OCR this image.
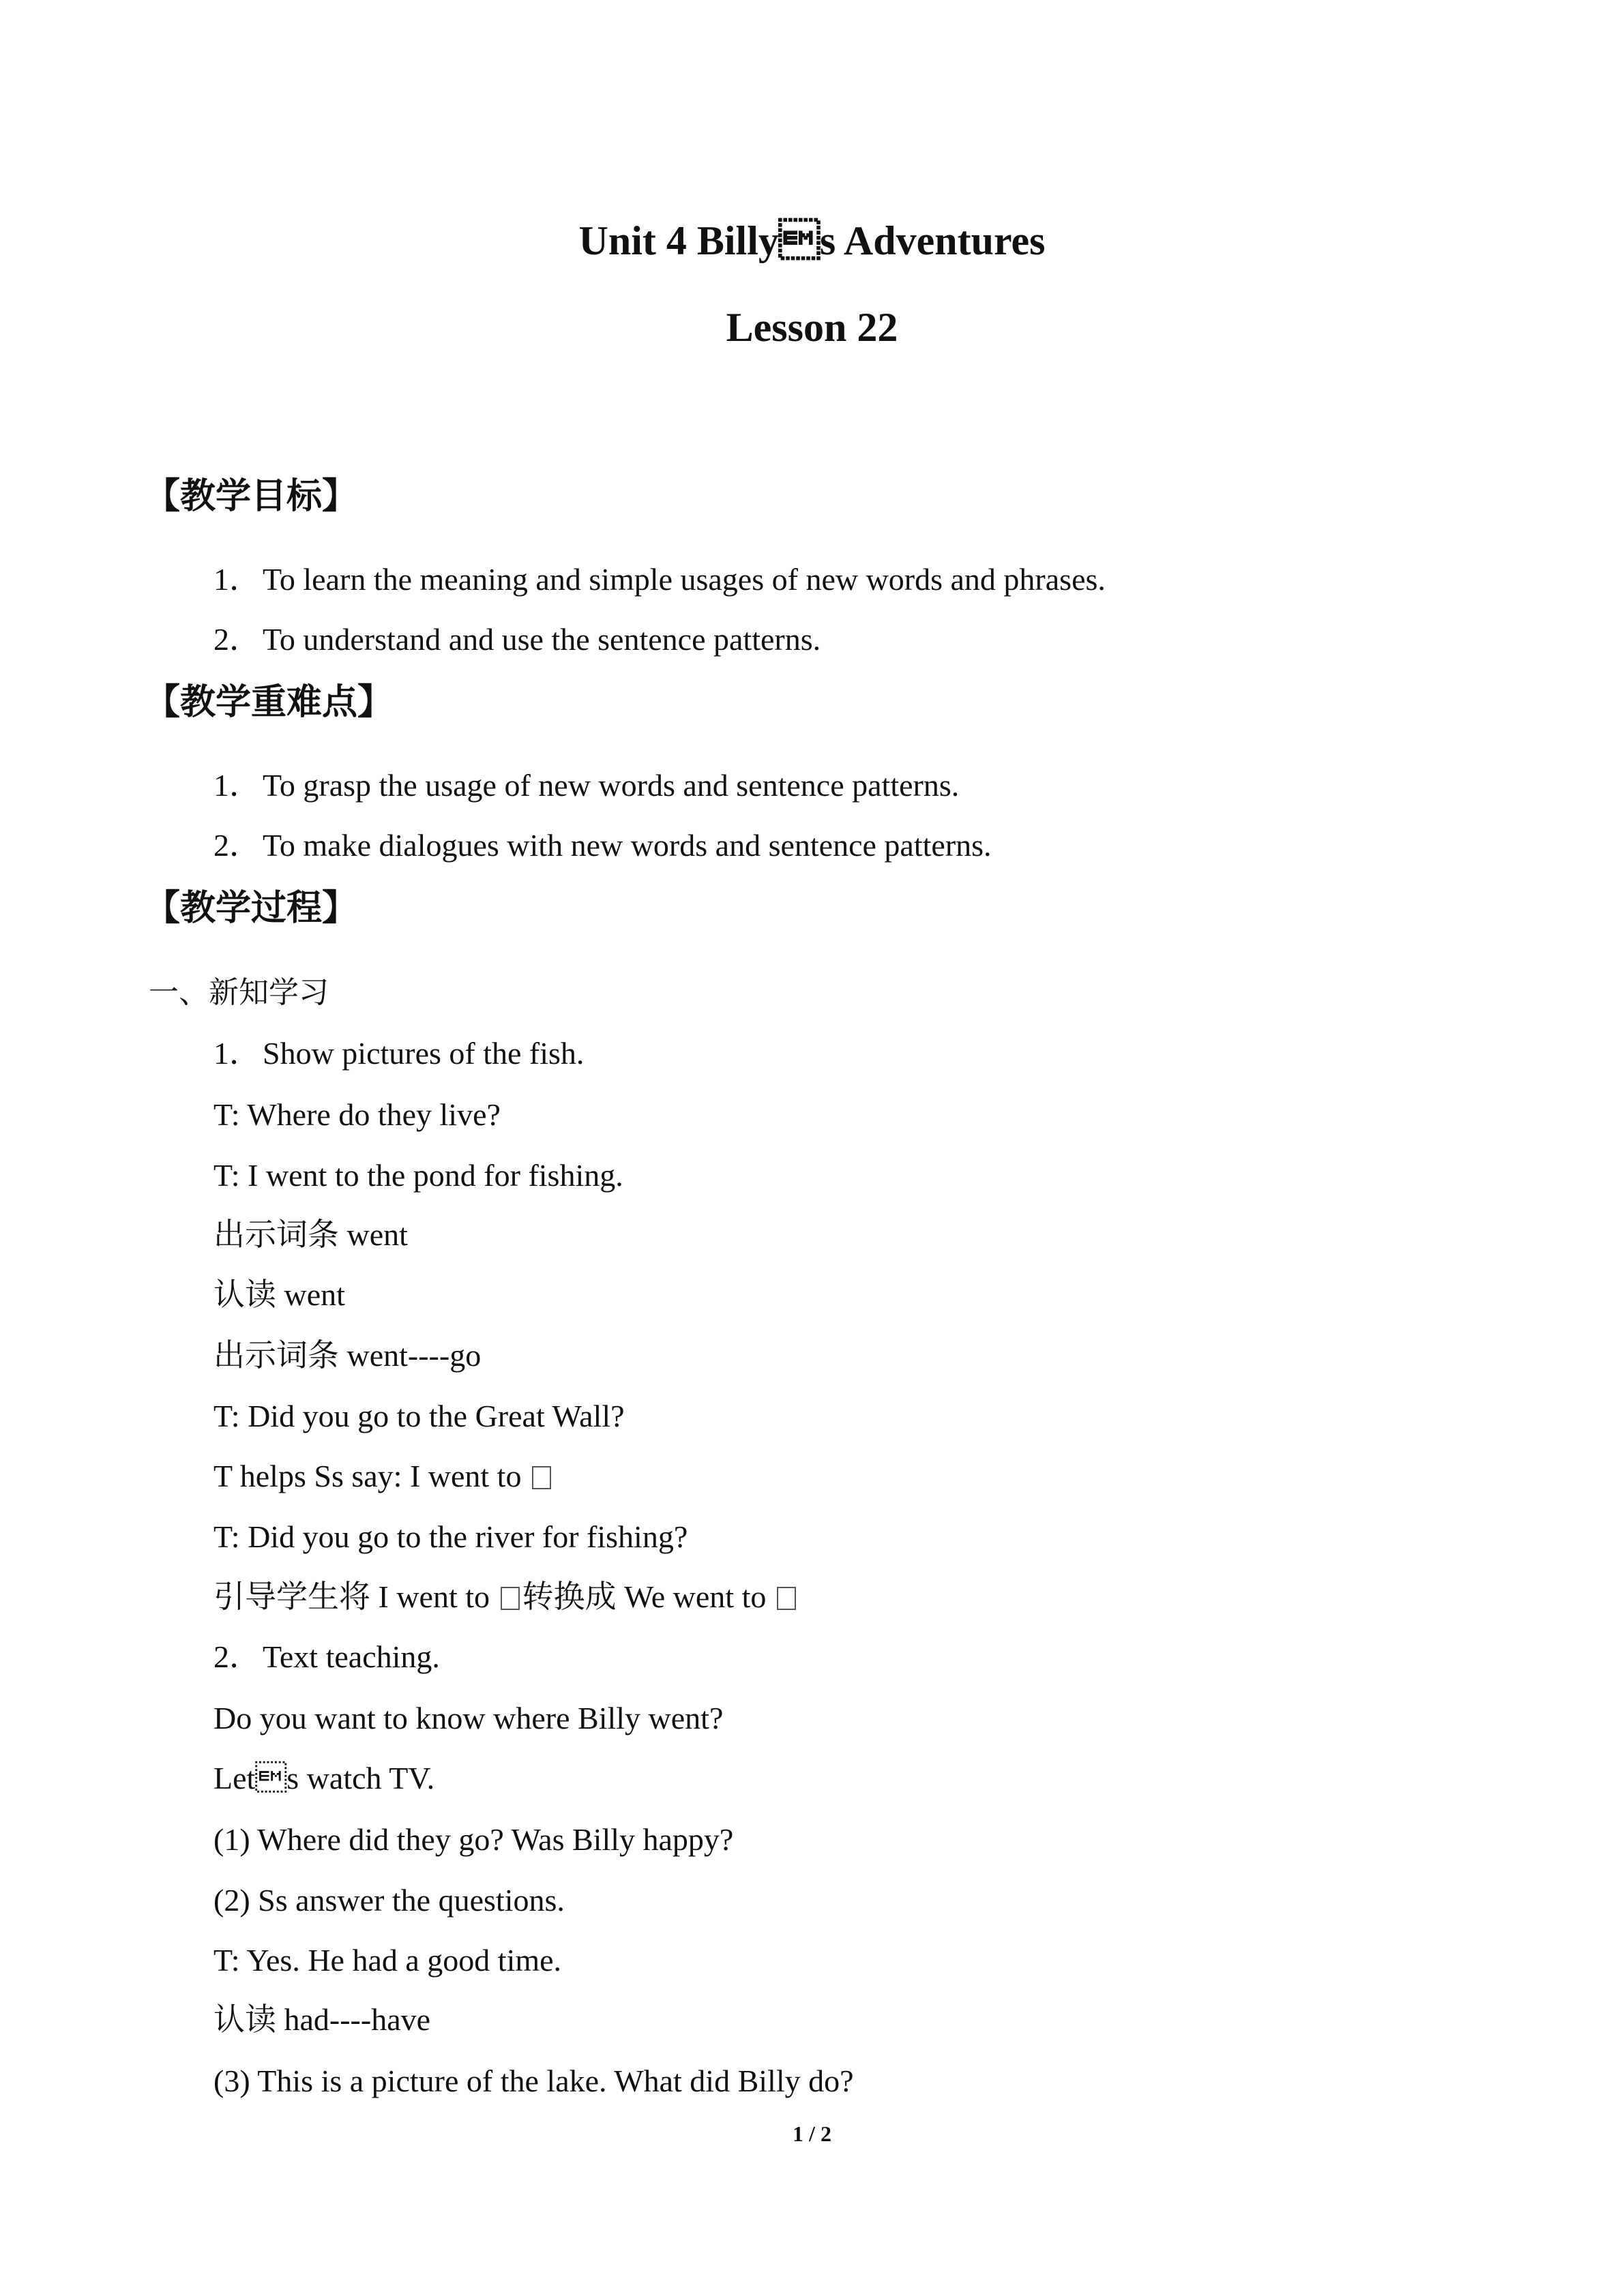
Unit 4 Billys Adventures
Lesson 22
【教学目标】
1．To learn the meaning and simple usages of new words and phrases.
2．To understand and use the sentence patterns.
【教学重难点】
1．To grasp the usage of new words and sentence patterns.
2．To make dialogues with new words and sentence patterns.
【教学过程】
一、新知学习
1．Show pictures of the fish.
T: Where do they live?
T: I went to the pond for fishing.
出示词条 went
认读 went
出示词条 went----go
T: Did you go to the Great Wall?
T helps Ss say: I went to
T: Did you go to the river for fishing?
引导学生将 I went to 转换成 We went to
2．Text teaching.
Do you want to know where Billy went?
Lets watch TV.
(1) Where did they go? Was Billy happy?
(2) Ss answer the questions.
T: Yes. He had a good time.
认读 had----have
(3) This is a picture of the lake. What did Billy do?
1 / 2
